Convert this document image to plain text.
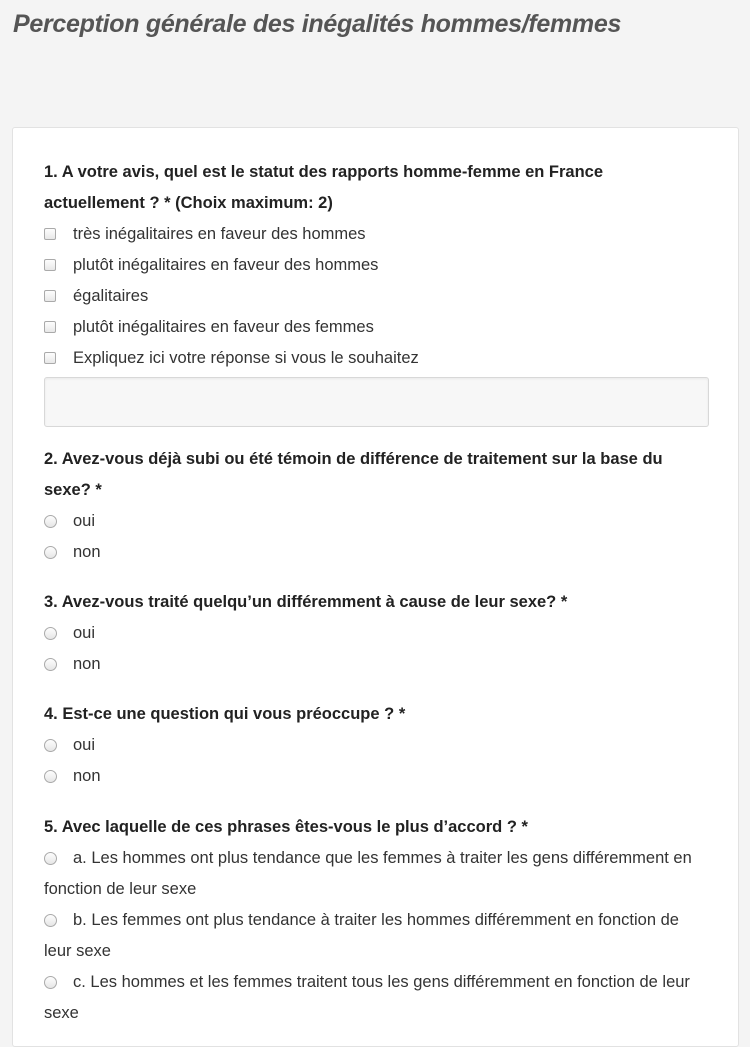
Perception générale des inégalités hommes/femmes

1. A votre avis, quel est le statut des rapports homme-femme en France actuellement ? * (Choix maximum: 2)

très inégalitaires en faveur des hommes
plutôt inégalitaires en faveur des hommes
égalitaires
plutôt inégalitaires en faveur des femmes
Expliquez ici votre réponse si vous le souhaitez

2. Avez-vous déjà subi ou été témoin de différence de traitement sur la base du sexe? *

oui
non

3. Avez-vous traité quelqu’un différemment à cause de leur sexe? *

oui
non

4. Est-ce une question qui vous préoccupe ? *

oui
non

5. Avec laquelle de ces phrases êtes-vous le plus d’accord ? *

a. Les hommes ont plus tendance que les femmes à traiter les gens différemment en fonction de leur sexe
b. Les femmes ont plus tendance à traiter les hommes différemment en fonction de leur sexe
c. Les hommes et les femmes traitent tous les gens différemment en fonction de leur sexe
